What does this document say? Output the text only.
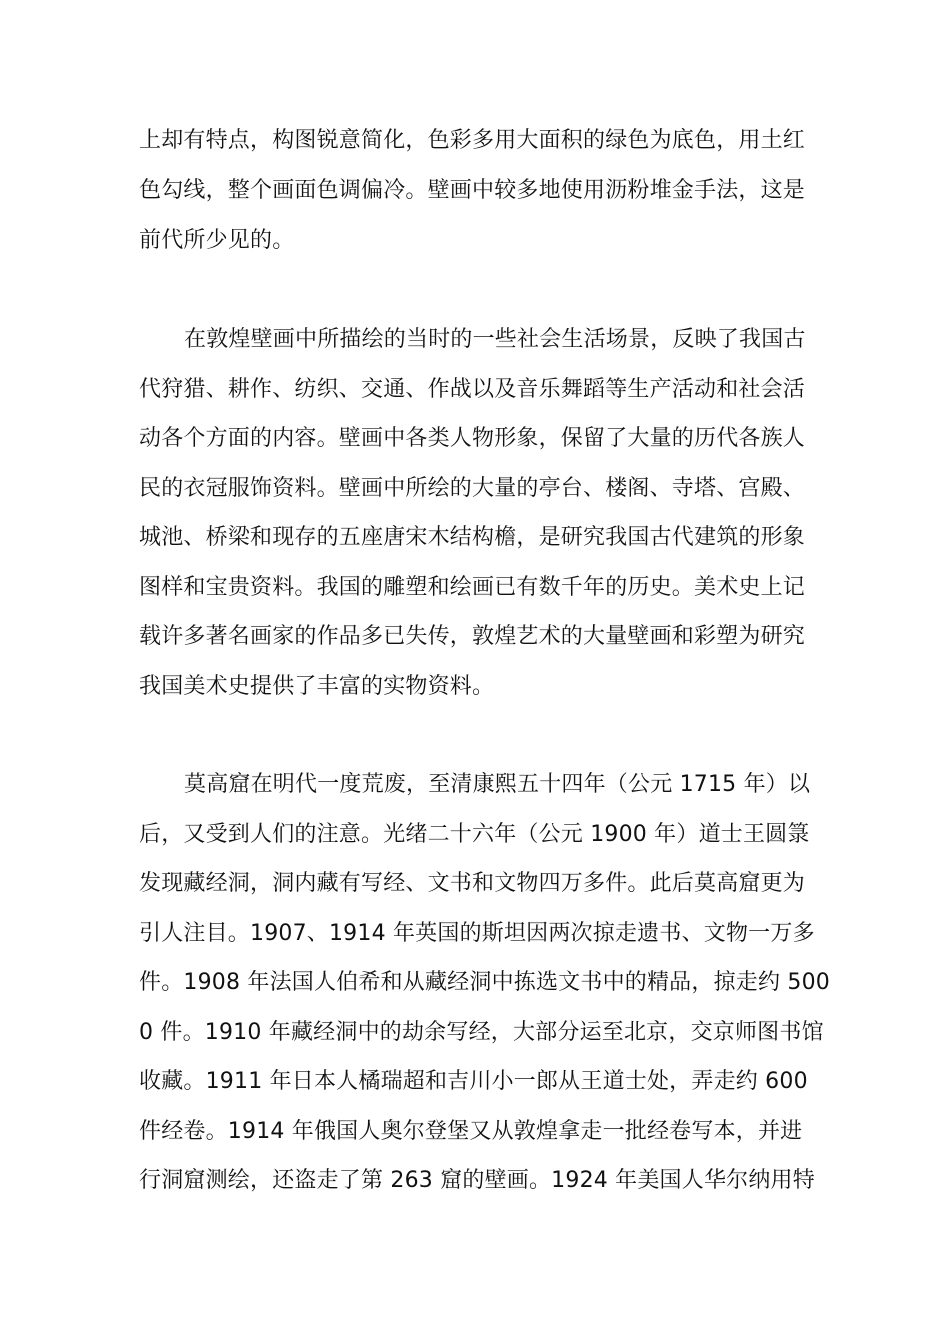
上却有特点，构图锐意简化，色彩多用大面积的绿色为底色，用土红

色勾线，整个画面色调偏冷。壁画中较多地使用沥粉堆金手法，这是

前代所少见的。

在敦煌壁画中所描绘的当时的一些社会生活场景，反映了我国古

代狩猎、耕作、纺织、交通、作战以及音乐舞蹈等生产活动和社会活

动各个方面的内容。壁画中各类人物形象，保留了大量的历代各族人

民的衣冠服饰资料。壁画中所绘的大量的亭台、楼阁、寺塔、宫殿、

城池、桥梁和现存的五座唐宋木结构檐，是研究我国古代建筑的形象

图样和宝贵资料。我国的雕塑和绘画已有数千年的历史。美术史上记

载许多著名画家的作品多已失传，敦煌艺术的大量壁画和彩塑为研究

我国美术史提供了丰富的实物资料。

莫高窟在明代一度荒废，至清康熙五十四年（公元 1715 年）以

后，又受到人们的注意。光绪二十六年（公元 1900 年）道士王圆箓

发现藏经洞，洞内藏有写经、文书和文物四万多件。此后莫高窟更为

引人注目。1907、1914 年英国的斯坦因两次掠走遗书、文物一万多

件。1908 年法国人伯希和从藏经洞中拣选文书中的精品，掠走约 500

0 件。1910 年藏经洞中的劫余写经，大部分运至北京，交京师图书馆

收藏。1911 年日本人橘瑞超和吉川小一郎从王道士处，弄走约 600

件经卷。1914 年俄国人奥尔登堡又从敦煌拿走一批经卷写本，并进

行洞窟测绘，还盗走了第 263 窟的壁画。1924 年美国人华尔纳用特
